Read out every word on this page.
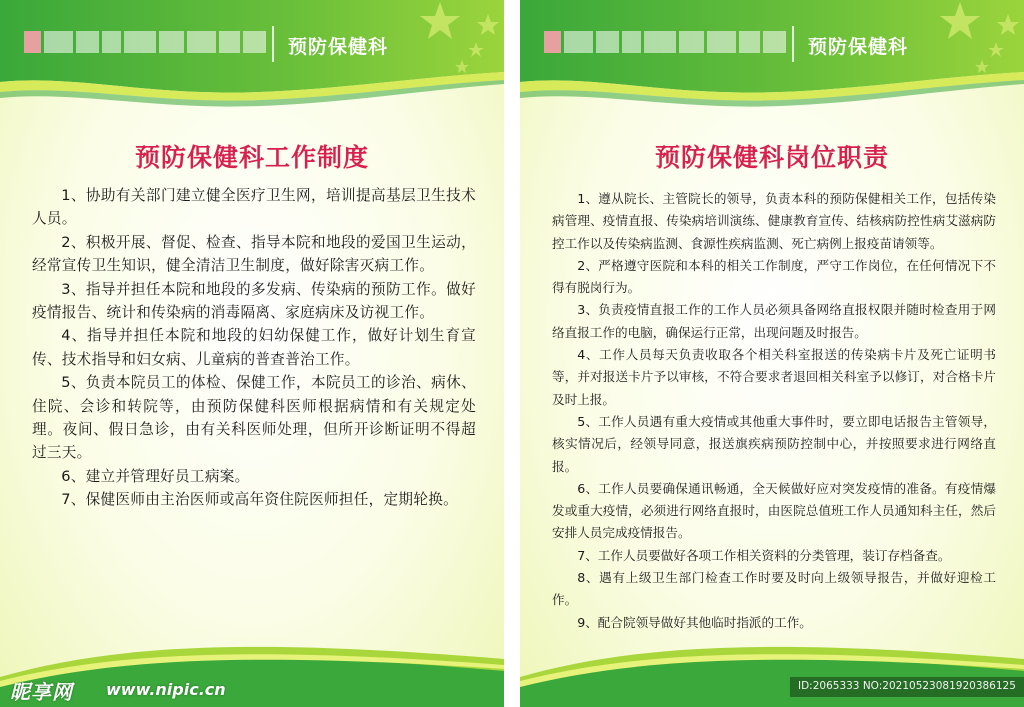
预防保健科
预防保健科工作制度

1、协助有关部门建立健全医疗卫生网，培训提高基层卫生技术人员。

2、积极开展、督促、检查、指导本院和地段的爱国卫生运动，经常宣传卫生知识，健全清洁卫生制度，做好除害灭病工作。

3、指导并担任本院和地段的多发病、传染病的预防工作。做好疫情报告、统计和传染病的消毒隔离、家庭病床及访视工作。

4、指导并担任本院和地段的妇幼保健工作，做好计划生育宣传、技术指导和妇女病、儿童病的普查普治工作。

5、负责本院员工的体检、保健工作，本院员工的诊治、病休、住院、会诊和转院等，由预防保健科医师根据病情和有关规定处理。夜间、假日急诊，由有关科医师处理，但所开诊断证明不得超过三天。

6、建立并管理好员工病案。

7、保健医师由主治医师或高年资住院医师担任，定期轮换。

预防保健科
预防保健科岗位职责

1、遵从院长、主管院长的领导，负责本科的预防保健相关工作，包括传染病管理、疫情直报、传染病培训演练、健康教育宣传、结核病防控性病艾滋病防控工作以及传染病监测、食源性疾病监测、死亡病例上报疫苗请领等。

2、严格遵守医院和本科的相关工作制度，严守工作岗位，在任何情况下不得有脱岗行为。

3、负责疫情直报工作的工作人员必须具备网络直报权限并随时检查用于网络直报工作的电脑，确保运行正常，出现问题及时报告。

4、工作人员每天负责收取各个相关科室报送的传染病卡片及死亡证明书等，并对报送卡片予以审核，不符合要求者退回相关科室予以修订，对合格卡片及时上报。

5、工作人员遇有重大疫情或其他重大事件时，要立即电话报告主管领导，核实情况后，经领导同意，报送旗疾病预防控制中心，并按照要求进行网络直报。

6、工作人员要确保通讯畅通，全天候做好应对突发疫情的准备。有疫情爆发或重大疫情，必须进行网络直报时，由医院总值班工作人员通知科主任，然后安排人员完成疫情报告。

7、工作人员要做好各项工作相关资料的分类管理，装订存档备查。

8、遇有上级卫生部门检查工作时要及时向上级领导报告，并做好迎检工作。

9、配合院领导做好其他临时指派的工作。

昵享网 www.nipic.cn	ID:2065333 NO:20210523081920386125
